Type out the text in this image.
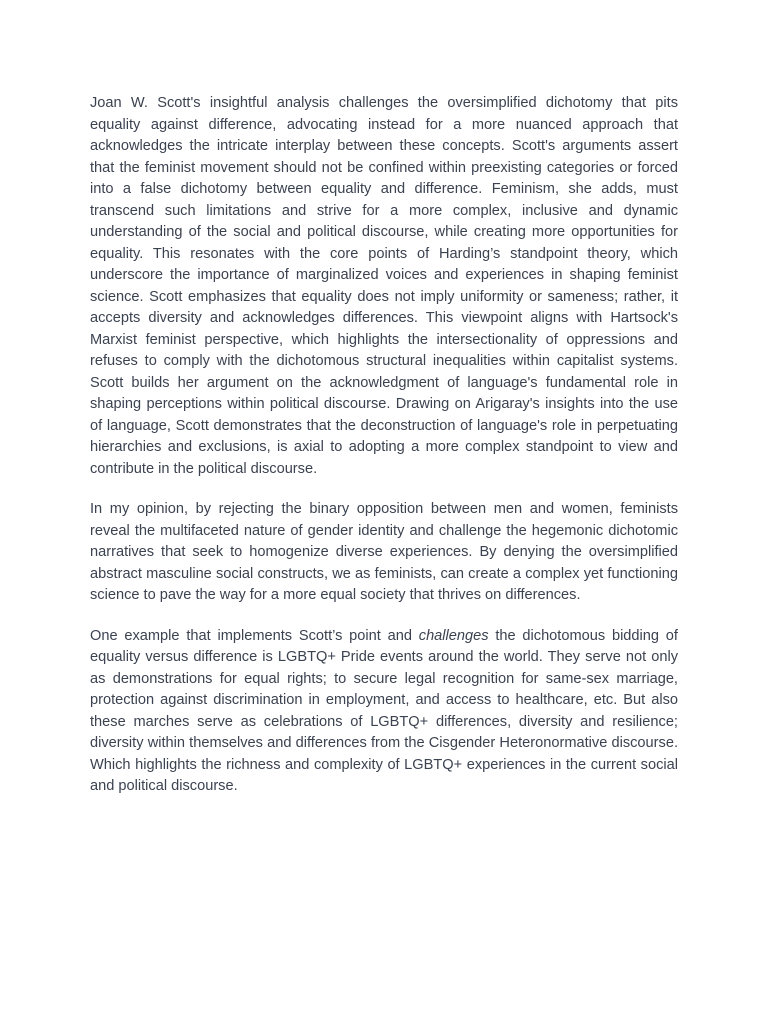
Joan W. Scott's insightful analysis challenges the oversimplified dichotomy that pits equality against difference, advocating instead for a more nuanced approach that acknowledges the intricate interplay between these concepts. Scott's arguments assert that the feminist movement should not be confined within preexisting categories or forced into a false dichotomy between equality and difference. Feminism, she adds, must transcend such limitations and strive for a more complex, inclusive and dynamic understanding of the social and political discourse, while creating more opportunities for equality. This resonates with the core points of Harding’s standpoint theory, which underscore the importance of marginalized voices and experiences in shaping feminist science. Scott emphasizes that equality does not imply uniformity or sameness; rather, it accepts diversity and acknowledges differences. This viewpoint aligns with Hartsock's Marxist feminist perspective, which highlights the intersectionality of oppressions and refuses to comply with the dichotomous structural inequalities within capitalist systems. Scott builds her argument on the acknowledgment of language's fundamental role in shaping perceptions within political discourse. Drawing on Arigaray's insights into the use of language, Scott demonstrates that the deconstruction of language's role in perpetuating hierarchies and exclusions, is axial to adopting a more complex standpoint to view and contribute in the political discourse.

In my opinion, by rejecting the binary opposition between men and women, feminists reveal the multifaceted nature of gender identity and challenge the hegemonic dichotomic narratives that seek to homogenize diverse experiences. By denying the oversimplified abstract masculine social constructs, we as feminists, can create a complex yet functioning science to pave the way for a more equal society that thrives on differences.

One example that implements Scott’s point and challenges the dichotomous bidding of equality versus difference is LGBTQ+ Pride events around the world. They serve not only as demonstrations for equal rights; to secure legal recognition for same-sex marriage, protection against discrimination in employment, and access to healthcare, etc. But also these marches serve as celebrations of LGBTQ+ differences, diversity and resilience; diversity within themselves and differences from the Cisgender Heteronormative discourse. Which highlights the richness and complexity of LGBTQ+ experiences in the current social and political discourse.
